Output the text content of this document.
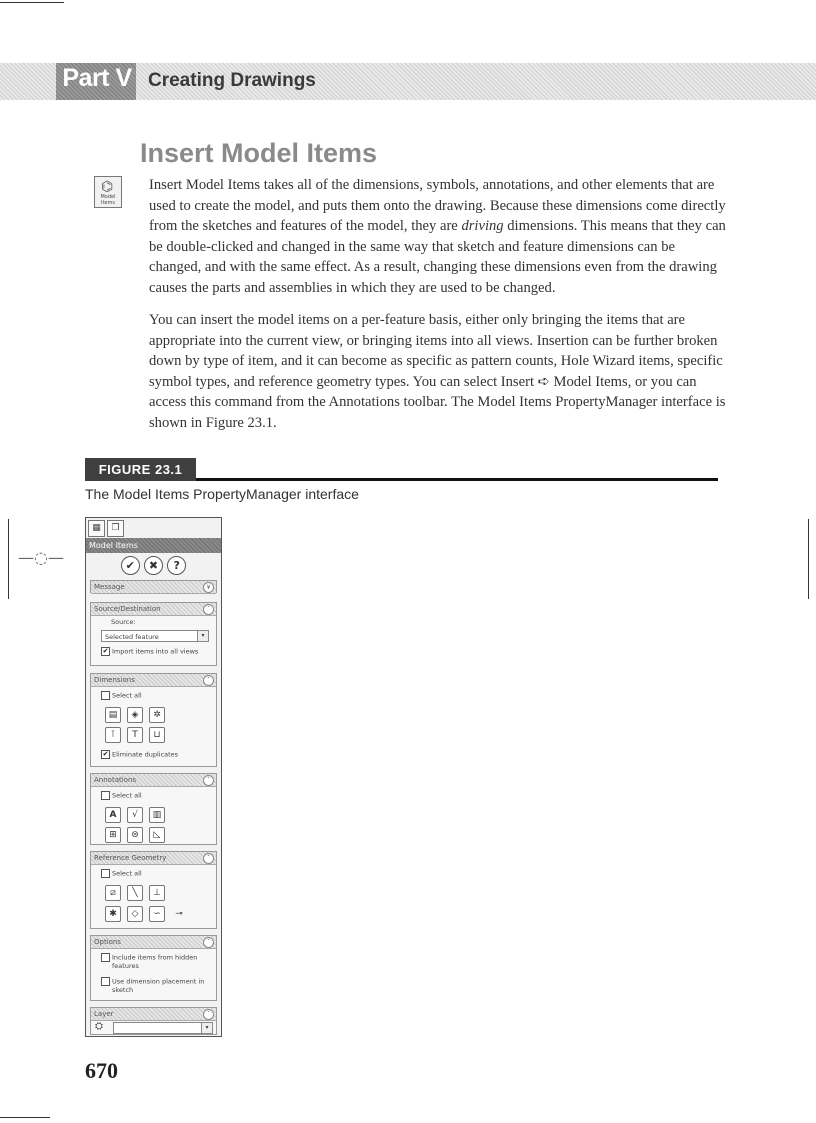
Part V Creating Drawings
Insert Model Items
⌬
Model Items

Insert Model Items takes all of the dimensions, symbols, annotations, and other elements that are used to create the model, and puts them onto the drawing. Because these dimensions come directly from the sketches and features of the model, they are driving dimensions. This means that they can be double-clicked and changed in the same way that sketch and feature dimensions can be changed, and with the same effect. As a result, changing these dimensions even from the drawing causes the parts and assemblies in which they are used to be changed.

You can insert the model items on a per-feature basis, either only bringing the items that are appropriate into the current view, or bringing items into all views. Insertion can be further broken down by type of item, and it can become as specific as pattern counts, Hole Wizard items, specific symbol types, and reference geometry types. You can select Insert ➪ Model Items, or you can access this command from the Annotations toolbar. The Model Items PropertyManager interface is shown in Figure 23.1.

FIGURE 23.1
The Model Items PropertyManager interface
—◌—
▦ ❐
Model Items
✔ ✖ ?
Message	¥
Source/Destination	ˆ
Source:
Selected feature	▾
✔ Import items into all views
Dimensions	ˆ
Select all
▤	◈	✲
⊺	T	⊔
✔ Eliminate duplicates
Annotations	ˆ
Select all
A	√	▥
⊞	⊜	◺
Reference Geometry	ˆ
Select all
⧄	╲	⊥
✱	◇	∽	⊸
Options	ˆ
Include items from hidden
features
Use dimension placement in
sketch
Layer	ˆ
⛭	▾
670
